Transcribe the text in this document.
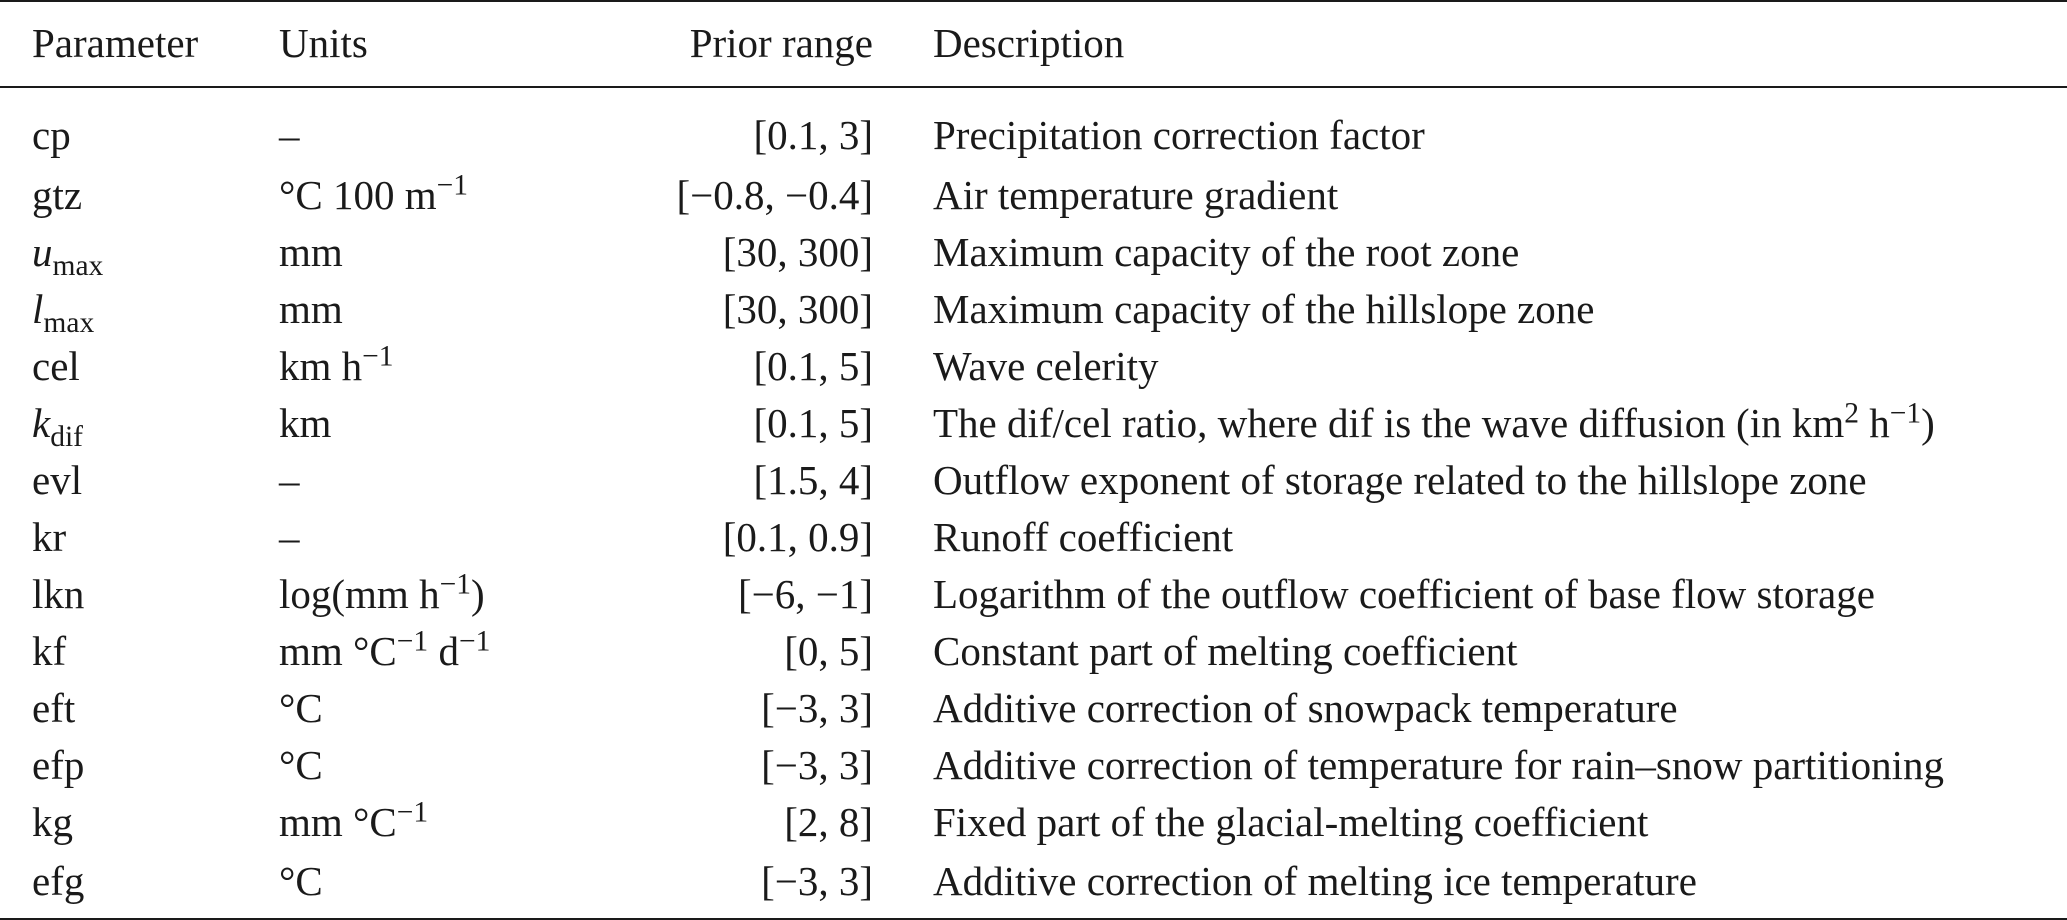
Parameter	Units	Prior range	Description
cp	–	[0.1, 3]	Precipitation correction factor
gtz	°C 100 $m^{-1}$	[−0.8, −0.4]	Air temperature gradient
$u_{max}$	mm	[30, 300]	Maximum capacity of the root zone
$l_{max}$	mm	[30, 300]	Maximum capacity of the hillslope zone
cel	km $h^{-1}$	[0.1, 5]	Wave celerity
$k_{dif}$	km	[0.1, 5]	The dif/cel ratio, where dif is the wave diffusion (in $km^2$ $h^{-1}$)
evl	–	[1.5, 4]	Outflow exponent of storage related to the hillslope zone
kr	–	[0.1, 0.9]	Runoff coefficient
lkn	log(mm $h^{-1}$)	[−6, −1]	Logarithm of the outflow coefficient of base flow storage
kf	mm $^\circ C^{-1}$ $d^{-1}$	[0, 5]	Constant part of melting coefficient
eft	°C	[−3, 3]	Additive correction of snowpack temperature
efp	°C	[−3, 3]	Additive correction of temperature for rain–snow partitioning
kg	mm $^\circ C^{-1}$	[2, 8]	Fixed part of the glacial-melting coefficient
efg	°C	[−3, 3]	Additive correction of melting ice temperature
